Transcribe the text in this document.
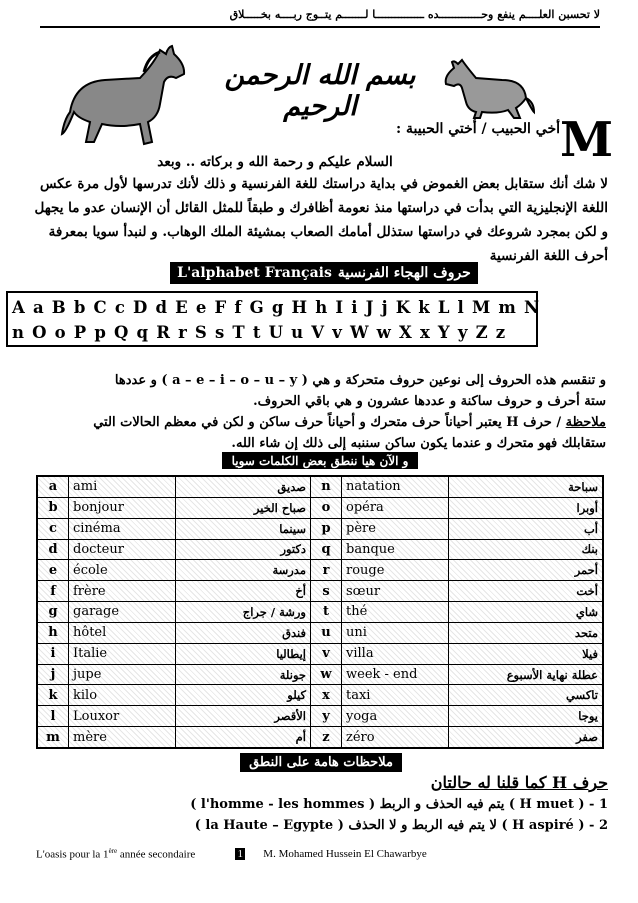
لا تحسبن العلــــم ينفع وحـــــــــــــده ـــــــــــــــا لـــــــم يتــوج ربــــه بخـــــلاق
بسم الله الرحمن الرحيم
M
أخي الحبيب / أختي الحبيبة :
السلام عليكم و رحمة الله و بركاته .. وبعد
لا شك أنك ستقابل بعض الغموض في بداية دراستك للغة الفرنسية و ذلك لأنك تدرسها لأول مرة عكس اللغة الإنجليزية التي بدأت في دراستها منذ نعومة أظافرك و طبقاً للمثل القائل أن الإنسان عدو ما يجهل و لكن بمجرد شروعك في دراستها ستذلل أمامك الصعاب بمشيئة الملك الوهاب. و لنبدأ سويا بمعرفة أحرف اللغة الفرنسية
L'alphabet Français حروف الهجاء الفرنسية
A a B b C c D d E e F f G g H h I i J j K k L l M m N
n O o P p Q q R r S s T t U u V v W w X x Y y Z z
و تنقسم هذه الحروف إلى نوعين حروف متحركة و هي ( a – e – i – o – u – y ) و عددها
ستة أحرف و حروف ساكنة و عددها عشرون و هي باقي الحروف.
ملاحظة / حرف H يعتبر أحياناً حرف متحرك و أحياناً حرف ساكن و لكن في معظم الحالات التي
ستقابلك فهو متحرك و عندما يكون ساكن سننبه إلى ذلك إن شاء الله.
و الآن هيا ننطق بعض الكلمات سويا
a	ami	صديق	n	natation	سباحة
b	bonjour	صباح الخير	o	opéra	أوبرا
c	cinéma	سينما	p	père	أب
d	docteur	دكتور	q	banque	بنك
e	école	مدرسة	r	rouge	أحمر
f	frère	أخ	s	sœur	أخت
g	garage	ورشة / جراج	t	thé	شاي
h	hôtel	فندق	u	uni	متحد
i	Italie	إيطاليا	v	villa	فيلا
j	jupe	جونلة	w	week - end	عطلة نهاية الأسبوع
k	kilo	كيلو	x	taxi	تاكسي
l	Louxor	الأقصر	y	yoga	يوجا
m	mère	أم	z	zéro	صفر
ملاحظات هامة على النطق
حرف H كما قلنا له حالتان
1 - ( H muet ) يتم فيه الحذف و الربط ( l'homme - les hommes )
2 - ( H aspiré ) لا يتم فيه الربط و لا الحذف ( la Haute – Egypte )
L'oasis pour la 1ère année secondaire	1 M. Mohamed Hussein El Chawarbye
